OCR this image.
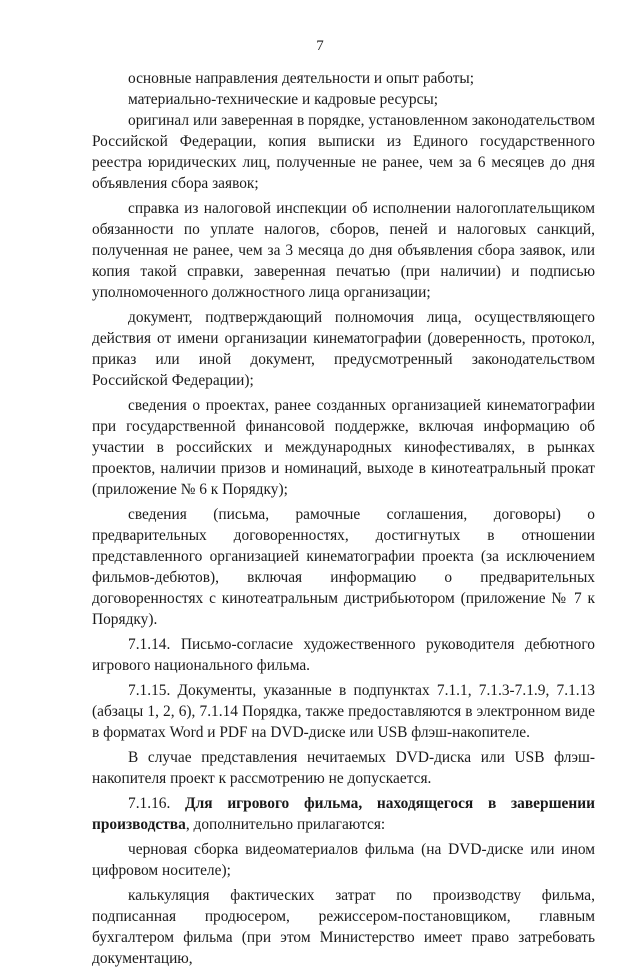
7

основные направления деятельности и опыт работы;

материально-технические и кадровые ресурсы;

оригинал или заверенная в порядке, установленном законодательством Российской Федерации, копия выписки из Единого государственного реестра юридических лиц, полученные не ранее, чем за 6 месяцев до дня объявления сбора заявок;

справка из налоговой инспекции об исполнении налогоплательщиком обязанности по уплате налогов, сборов, пеней и налоговых санкций, полученная не ранее, чем за 3 месяца до дня объявления сбора заявок, или копия такой справки, заверенная печатью (при наличии) и подписью уполномоченного должностного лица организации;

документ, подтверждающий полномочия лица, осуществляющего действия от имени организации кинематографии (доверенность, протокол, приказ или иной документ, предусмотренный законодательством Российской Федерации);

сведения о проектах, ранее созданных организацией кинематографии при государственной финансовой поддержке, включая информацию об участии в российских и международных кинофестивалях, в рынках проектов, наличии призов и номинаций, выходе в кинотеатральный прокат (приложение № 6 к Порядку);

сведения (письма, рамочные соглашения, договоры) о предварительных договоренностях, достигнутых в отношении представленного организацией кинематографии проекта (за исключением фильмов-дебютов), включая информацию о предварительных договоренностях с кинотеатральным дистрибьютором (приложение № 7 к Порядку).

7.1.14. Письмо-согласие художественного руководителя дебютного игрового национального фильма.

7.1.15. Документы, указанные в подпунктах 7.1.1, 7.1.3-7.1.9, 7.1.13 (абзацы 1, 2, 6), 7.1.14 Порядка, также предоставляются в электронном виде в форматах Word и PDF на DVD-диске или USB флэш-накопителе.

В случае представления нечитаемых DVD-диска или USB флэш-накопителя проект к рассмотрению не допускается.

7.1.16. Для игрового фильма, находящегося в завершении производства, дополнительно прилагаются:

черновая сборка видеоматериалов фильма (на DVD-диске или ином цифровом носителе);

калькуляция фактических затрат по производству фильма, подписанная продюсером, режиссером-постановщиком, главным бухгалтером фильма (при этом Министерство имеет право затребовать документацию,
